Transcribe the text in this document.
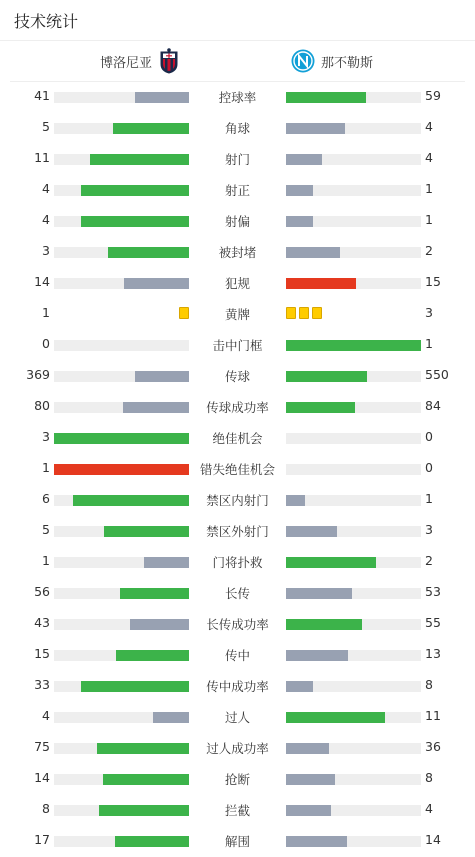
技术统计
博洛尼亚	那不勒斯
41	控球率	59
5	角球	4
11	射门	4
4	射正	1
4	射偏	1
3	被封堵	2
14	犯规	15
1	黄牌	3
0	击中门框	1
369	传球	550
80	传球成功率	84
3	绝佳机会	0
1	错失绝佳机会	0
6	禁区内射门	1
5	禁区外射门	3
1	门将扑救	2
56	长传	53
43	长传成功率	55
15	传中	13
33	传中成功率	8
4	过人	11
75	过人成功率	36
14	抢断	8
8	拦截	4
17	解围	14
